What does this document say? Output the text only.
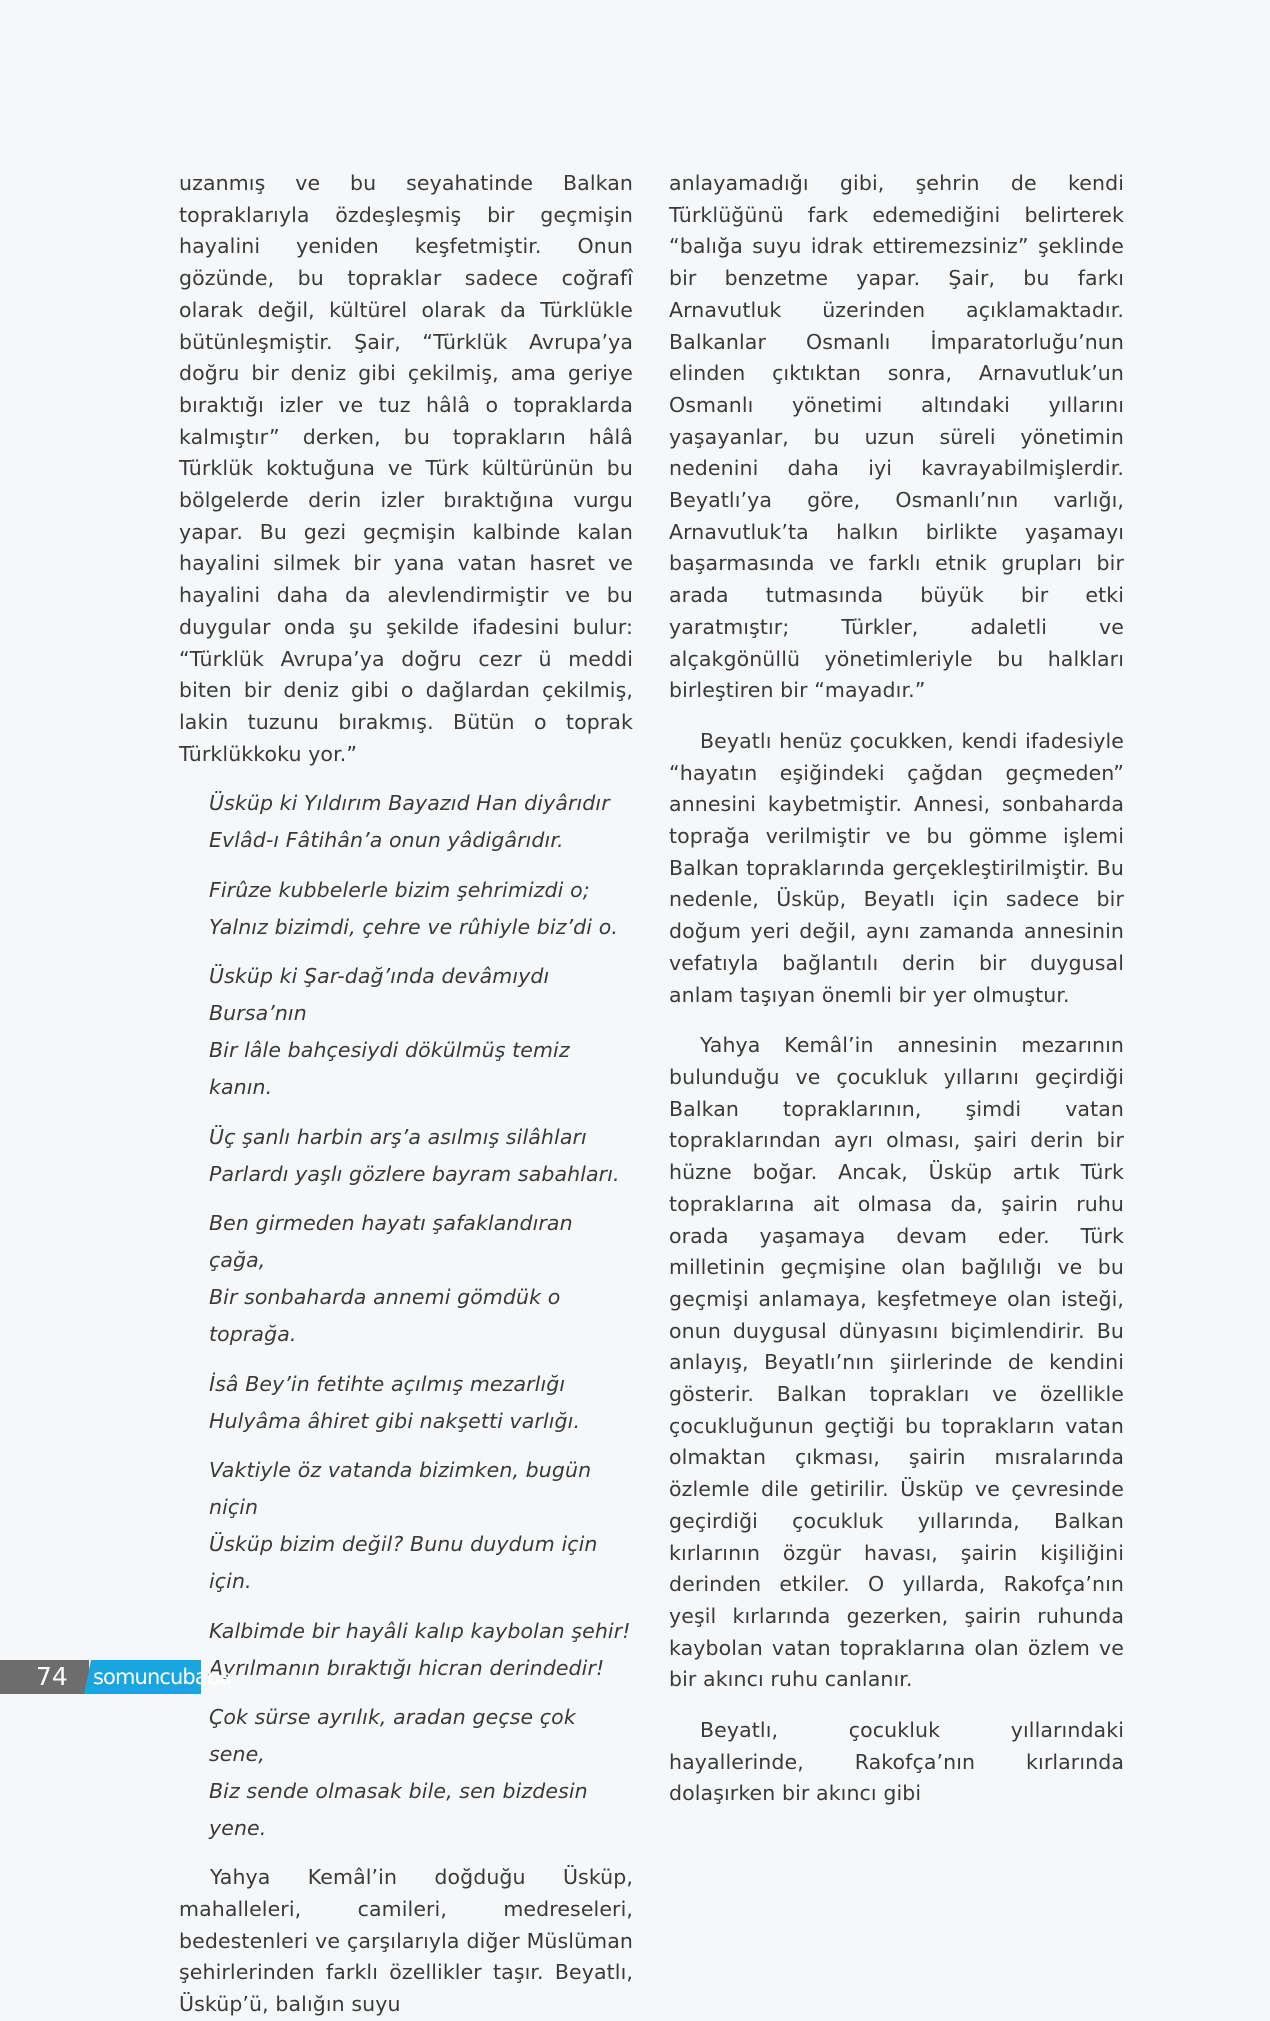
uzanmış ve bu seyahatinde Balkan topraklarıyla özdeşleşmiş bir geçmişin hayalini yeniden keşfetmiştir. Onun gözünde, bu topraklar sadece coğrafî olarak değil, kültürel olarak da Türklükle bütünleşmiştir. Şair, “Türklük Avrupa’ya doğru bir deniz gibi çekilmiş, ama geriye bıraktığı izler ve tuz hâlâ o topraklarda kalmıştır” derken, bu toprakların hâlâ Türklük koktuğuna ve Türk kültürünün bu bölgelerde derin izler bıraktığına vurgu yapar. Bu gezi geçmişin kalbinde kalan hayalini silmek bir yana vatan hasret ve hayalini daha da alevlendirmiştir ve bu duygular onda şu şekilde ifadesini bulur: “Türklük Avrupa’ya doğru cezr ü meddi biten bir deniz gibi o dağlardan çekilmiş, lakin tuzunu bırakmış. Bütün o toprak Türklükkoku yor.”

Üsküp ki Yıldırım Bayazıd Han diyârıdır
Evlâd-ı Fâtihân’a onun yâdigârıdır.
Firûze kubbelerle bizim şehrimizdi o;
Yalnız bizimdi, çehre ve rûhiyle biz’di o.
Üsküp ki Şar-dağ’ında devâmıydı Bursa’nın
Bir lâle bahçesiydi dökülmüş temiz kanın.
Üç şanlı harbin arş’a asılmış silâhları
Parlardı yaşlı gözlere bayram sabahları.
Ben girmeden hayatı şafaklandıran çağa,
Bir sonbaharda annemi gömdük o toprağa.
İsâ Bey’in fetihte açılmış mezarlığı
Hulyâma âhiret gibi nakşetti varlığı.
Vaktiyle öz vatanda bizimken, bugün niçin
Üsküp bizim değil? Bunu duydum için için.
Kalbimde bir hayâli kalıp kaybolan şehir!
Ayrılmanın bıraktığı hicran derindedir!
Çok sürse ayrılık, aradan geçse çok sene,
Biz sende olmasak bile, sen bizdesin yene.

Yahya Kemâl’in doğduğu Üsküp, mahalleleri, camileri, medreseleri, bedestenleri ve çarşılarıyla diğer Müslüman şehirlerinden farklı özellikler taşır. Beyatlı, Üsküp’ü, balığın suyu

anlayamadığı gibi, şehrin de kendi Türklüğünü fark edemediğini belirterek “balığa suyu idrak ettiremezsiniz” şeklinde bir benzetme yapar. Şair, bu farkı Arnavutluk üzerinden açıklamaktadır. Balkanlar Osmanlı İmparatorluğu’nun elinden çıktıktan sonra, Arnavutluk’un Osmanlı yönetimi altındaki yıllarını yaşayanlar, bu uzun süreli yönetimin nedenini daha iyi kavrayabilmişlerdir. Beyatlı’ya göre, Osmanlı’nın varlığı, Arnavutluk’ta halkın birlikte yaşamayı başarmasında ve farklı etnik grupları bir arada tutmasında büyük bir etki yaratmıştır; Türkler, adaletli ve alçakgönüllü yönetimleriyle bu halkları birleştiren bir “mayadır.”

Beyatlı henüz çocukken, kendi ifadesiyle “hayatın eşiğindeki çağdan geçmeden” annesini kaybetmiştir. Annesi, sonbaharda toprağa verilmiştir ve bu gömme işlemi Balkan topraklarında gerçekleştirilmiştir. Bu nedenle, Üsküp, Beyatlı için sadece bir doğum yeri değil, aynı zamanda annesinin vefatıyla bağlantılı derin bir duygusal anlam taşıyan önemli bir yer olmuştur.

Yahya Kemâl’in annesinin mezarının bulunduğu ve çocukluk yıllarını geçirdiği Balkan topraklarının, şimdi vatan topraklarından ayrı olması, şairi derin bir hüzne boğar. Ancak, Üsküp artık Türk topraklarına ait olmasa da, şairin ruhu orada yaşamaya devam eder. Türk milletinin geçmişine olan bağlılığı ve bu geçmişi anlamaya, keşfetmeye olan isteği, onun duygusal dünyasını biçimlendirir. Bu anlayış, Beyatlı’nın şiirlerinde de kendini gösterir. Balkan toprakları ve özellikle çocukluğunun geçtiği bu toprakların vatan olmaktan çıkması, şairin mısralarında özlemle dile getirilir. Üsküp ve çevresinde geçirdiği çocukluk yıllarında, Balkan kırlarının özgür havası, şairin kişiliğini derinden etkiler. O yıllarda, Rakofça’nın yeşil kırlarında gezerken, şairin ruhunda kaybolan vatan topraklarına olan özlem ve bir akıncı ruhu canlanır.

Beyatlı, çocukluk yıllarındaki hayallerinde, Rakofça’nın kırlarında dolaşırken bir akıncı gibi

74 somuncubaba
